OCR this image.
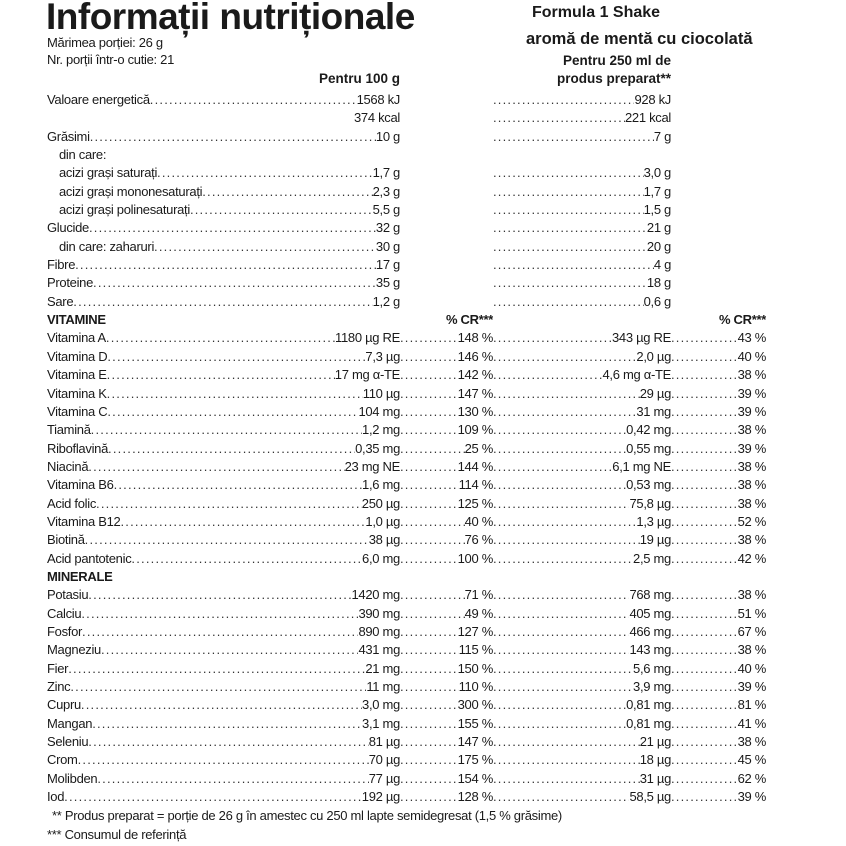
Informații nutriționale	Formula 1 Shake
aromă de mentă cu ciocolată
Mărimea porției: 26 g
Nr. porții într-o cutie: 21
Pentru 100 g
Pentru 250 ml de
produs preparat**
Valoare energetică .....	1568 kJ .....	928 kJ
374 kcal .....	221 kcal
Grăsimi .....	10 g .....	7 g
din care:
acizi grași saturați .....	1,7 g .....	3,0 g
acizi grași mononesaturați .....	2,3 g .....	1,7 g
acizi grași polinesaturați .....	5,5 g .....	1,5 g
Glucide .....	32 g .....	21 g
din care: zaharuri .....	30 g .....	20 g
Fibre .....	17 g .....	4 g
Proteine .....	35 g .....	18 g
Sare .....	1,2 g .....	0,6 g
VITAMINE	% CR***	% CR***
Vitamina A .....	1180 µg RE .....	148 % .....	343 µg RE .....	43 %
Vitamina D .....	7,3 µg .....	146 % .....	2,0 µg .....	40 %
Vitamina E .....	17 mg α-TE .....	142 % .....	4,6 mg α-TE .....	38 %
Vitamina K .....	110 µg .....	147 % .....	29 µg .....	39 %
Vitamina C .....	104 mg .....	130 % .....	31 mg .....	39 %
Tiamină .....	1,2 mg .....	109 % .....	0,42 mg .....	38 %
Riboflavină .....	0,35 mg .....	25 % .....	0,55 mg .....	39 %
Niacină .....	23 mg NE .....	144 % .....	6,1 mg NE .....	38 %
Vitamina B6 .....	1,6 mg .....	114 % .....	0,53 mg .....	38 %
Acid folic .....	250 µg .....	125 % .....	75,8 µg .....	38 %
Vitamina B12 .....	1,0 µg .....	40 % .....	1,3 µg .....	52 %
Biotină .....	38 µg .....	76 % .....	19 µg .....	38 %
Acid pantotenic .....	6,0 mg .....	100 % .....	2,5 mg .....	42 %
MINERALE
Potasiu .....	1420 mg .....	71 % .....	768 mg .....	38 %
Calciu .....	390 mg .....	49 % .....	405 mg .....	51 %
Fosfor .....	890 mg .....	127 % .....	466 mg .....	67 %
Magneziu .....	431 mg .....	115 % .....	143 mg .....	38 %
Fier .....	21 mg .....	150 % .....	5,6 mg .....	40 %
Zinc .....	11 mg .....	110 % .....	3,9 mg .....	39 %
Cupru .....	3,0 mg .....	300 % .....	0,81 mg .....	81 %
Mangan .....	3,1 mg .....	155 % .....	0,81 mg .....	41 %
Seleniu .....	81 µg .....	147 % .....	21 µg .....	38 %
Crom .....	70 µg .....	175 % .....	18 µg .....	45 %
Molibden .....	77 µg .....	154 % .....	31 µg .....	62 %
Iod .....	192 µg .....	128 % .....	58,5 µg .....	39 %
** Produs preparat = porție de 26 g în amestec cu 250 ml lapte semidegresat (1,5 % grăsime)
*** Consumul de referință
